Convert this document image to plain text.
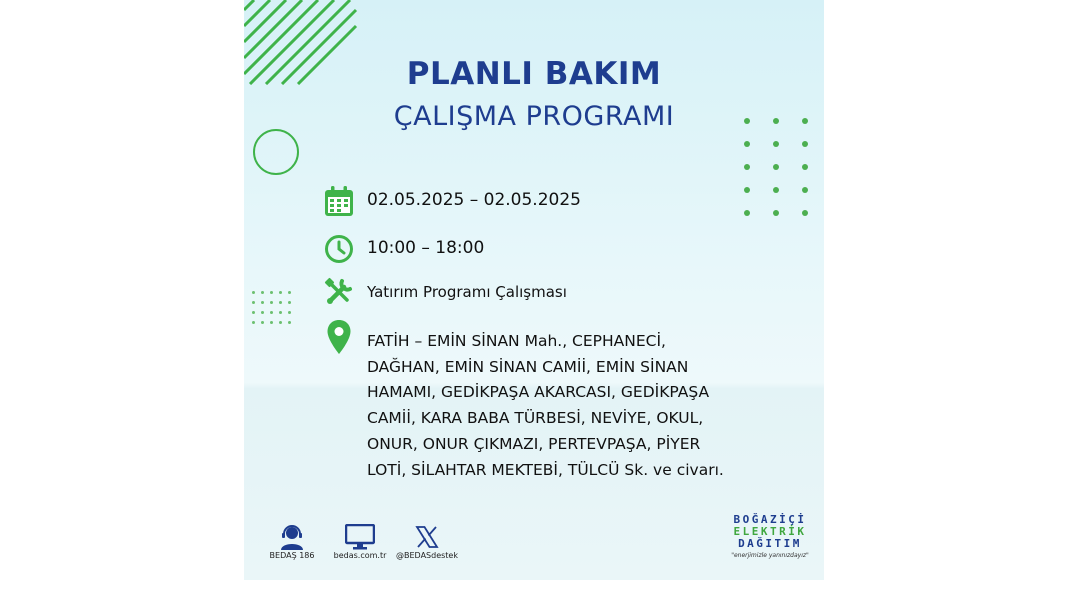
PLANLI BAKIM
ÇALIŞMA PROGRAMI
02.05.2025 – 02.05.2025
10:00 – 18:00
Yatırım Programı Çalışması
FATİH – EMİN SİNAN Mah., CEPHANECİ, DAĞHAN, EMİN SİNAN CAMİİ, EMİN SİNAN HAMAMI, GEDİKPAŞA AKARCASI, GEDİKPAŞA CAMİİ, KARA BABA TÜRBESİ, NEVİYE, OKUL, ONUR, ONUR ÇIKMAZI, PERTEVPAŞA, PİYER LOTİ, SİLAHTAR MEKTEBİ, TÜLCÜ Sk. ve civarı.
BEDAŞ 186	bedas.com.tr	@BEDASdestek
BOĞAZİÇİ
ELEKTRİK
DAĞITIM
"enerjimizle yanınızdayız"
